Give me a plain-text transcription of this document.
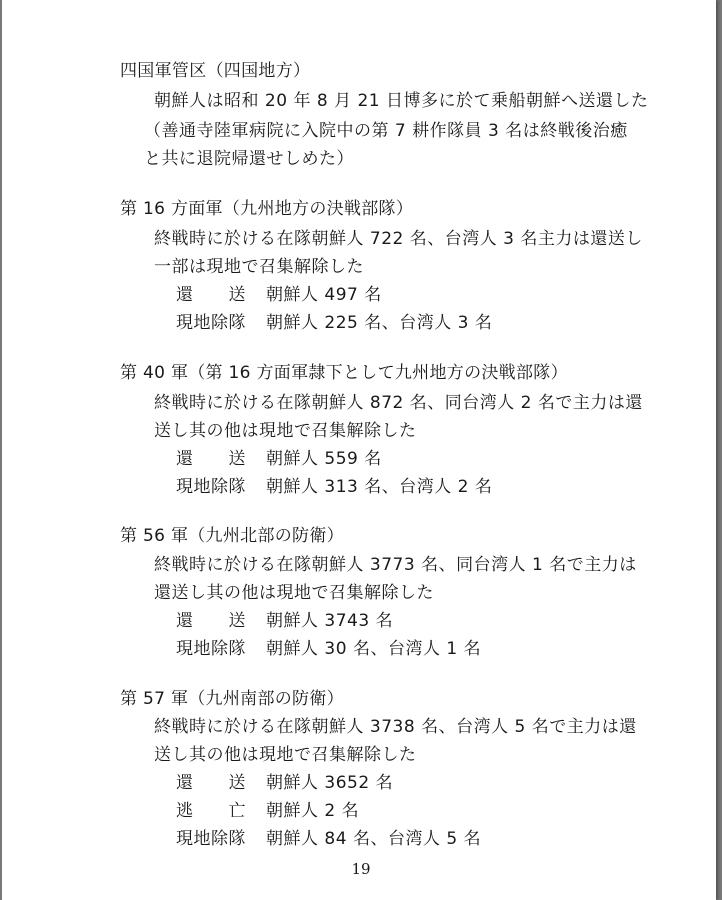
四国軍管区（四国地方）
朝鮮人は昭和 20 年 8 月 21 日博多に於て乗船朝鮮へ送還した
（善通寺陸軍病院に入院中の第 7 耕作隊員 3 名は終戦後治癒
と共に退院帰還せしめた）
第 16 方面軍（九州地方の決戦部隊）
終戦時に於ける在隊朝鮮人 722 名、台湾人 3 名主力は還送し
一部は現地で召集解除した
還　　送 朝鮮人 497 名
現地除隊 朝鮮人 225 名、台湾人 3 名
第 40 軍（第 16 方面軍隷下として九州地方の決戦部隊）
終戦時に於ける在隊朝鮮人 872 名、同台湾人 2 名で主力は還
送し其の他は現地で召集解除した
還　　送 朝鮮人 559 名
現地除隊 朝鮮人 313 名、台湾人 2 名
第 56 軍（九州北部の防衛）
終戦時に於ける在隊朝鮮人 3773 名、同台湾人 1 名で主力は
還送し其の他は現地で召集解除した
還　　送 朝鮮人 3743 名
現地除隊 朝鮮人 30 名、台湾人 1 名
第 57 軍（九州南部の防衛）
終戦時に於ける在隊朝鮮人 3738 名、台湾人 5 名で主力は還
送し其の他は現地で召集解除した
還　　送 朝鮮人 3652 名
逃　　亡 朝鮮人 2 名
現地除隊 朝鮮人 84 名、台湾人 5 名
19
